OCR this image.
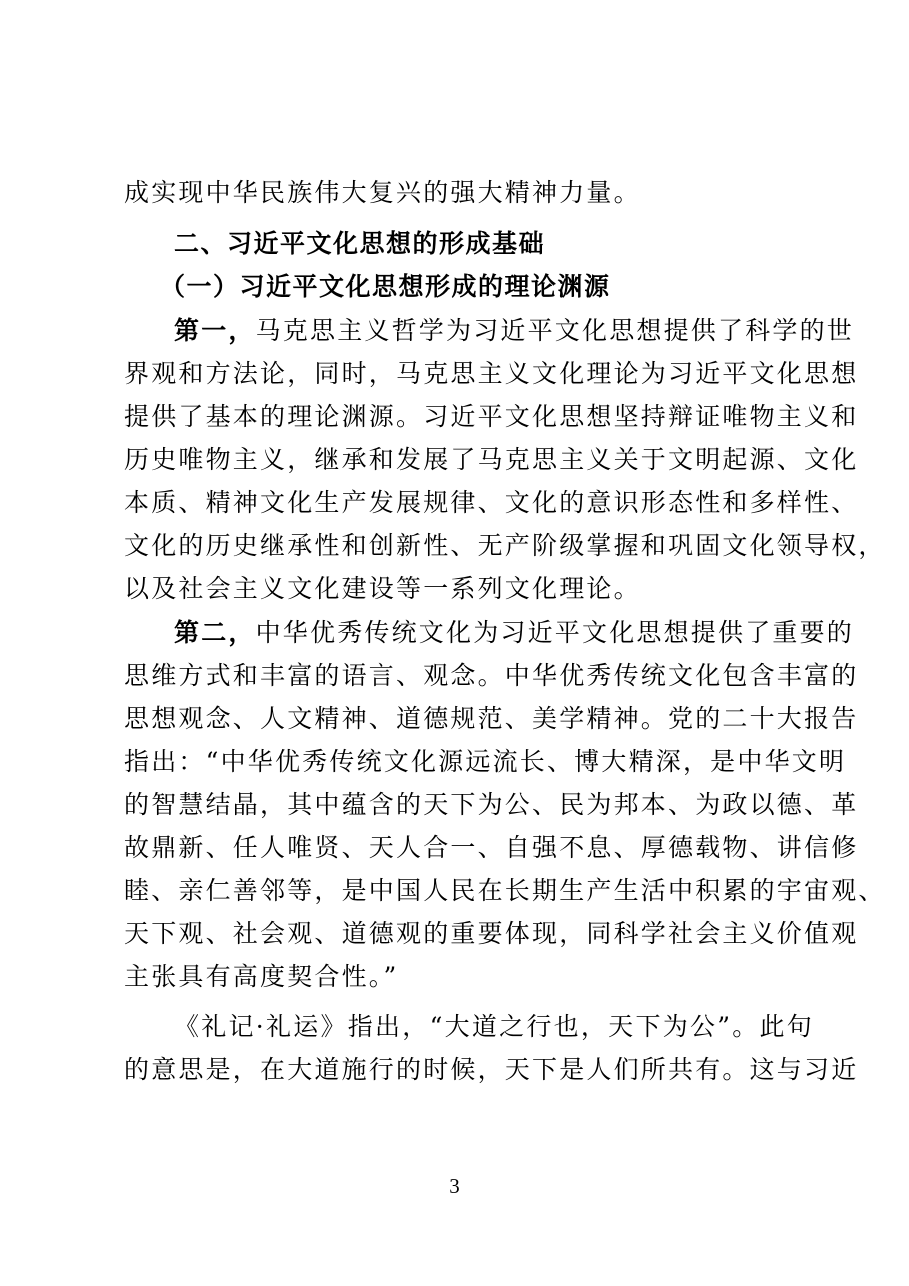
成实现中华民族伟大复兴的强大精神力量。
二、习近平文化思想的形成基础
（一）习近平文化思想形成的理论渊源
第一，马克思主义哲学为习近平文化思想提供了科学的世
界观和方法论，同时，马克思主义文化理论为习近平文化思想
提供了基本的理论渊源。习近平文化思想坚持辩证唯物主义和
历史唯物主义，继承和发展了马克思主义关于文明起源、文化
本质、精神文化生产发展规律、文化的意识形态性和多样性、
文化的历史继承性和创新性、无产阶级掌握和巩固文化领导权，
以及社会主义文化建设等一系列文化理论。
第二，中华优秀传统文化为习近平文化思想提供了重要的
思维方式和丰富的语言、观念。中华优秀传统文化包含丰富的
思想观念、人文精神、道德规范、美学精神。党的二十大报告
指出：“中华优秀传统文化源远流长、博大精深，是中华文明
的智慧结晶，其中蕴含的天下为公、民为邦本、为政以德、革
故鼎新、任人唯贤、天人合一、自强不息、厚德载物、讲信修
睦、亲仁善邻等，是中国人民在长期生产生活中积累的宇宙观、
天下观、社会观、道德观的重要体现，同科学社会主义价值观
主张具有高度契合性。”
《礼记·礼运》指出，“大道之行也，天下为公”。此句
的意思是，在大道施行的时候，天下是人们所共有。这与习近
3
